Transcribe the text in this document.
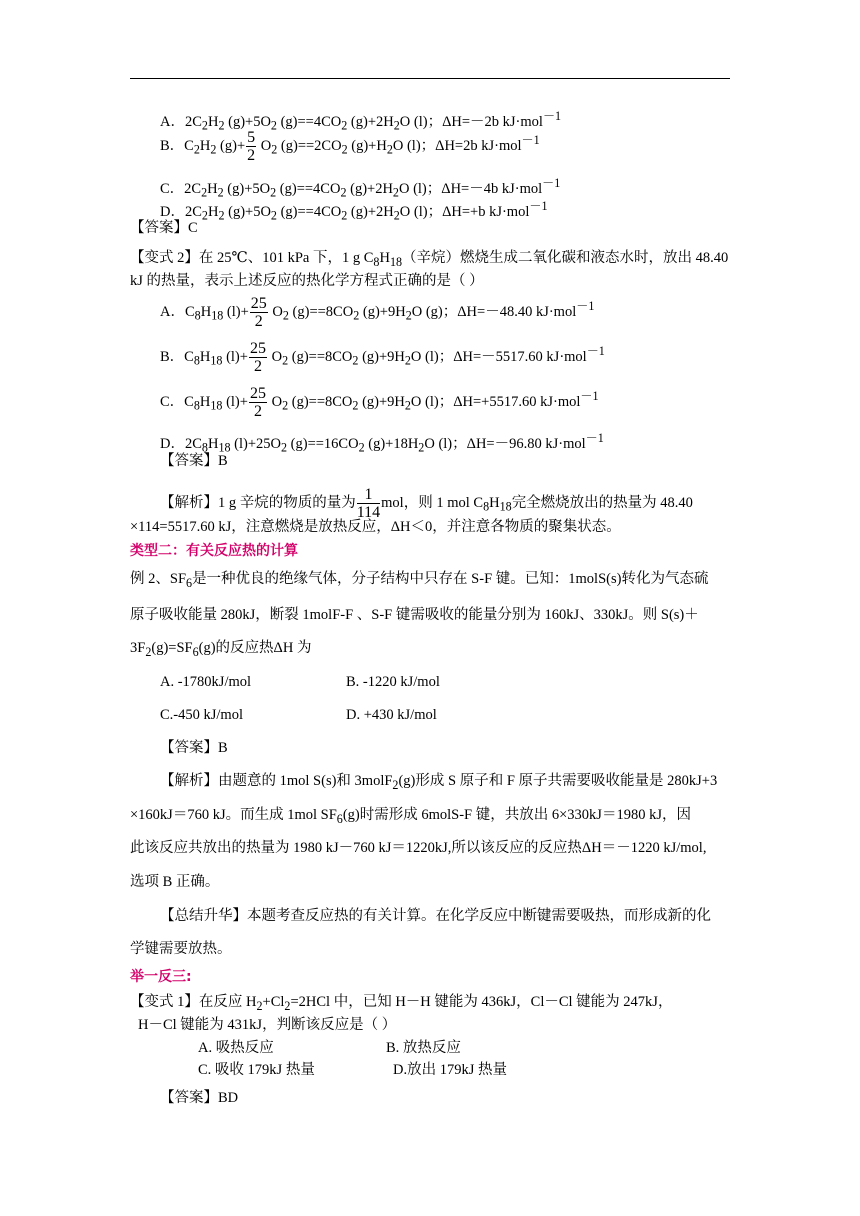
A．$2C_2H_2$ $(g)+5O_2$ $(g)==4CO_2$ $(g)+2H_2O$ (l)；ΔH=－2b kJ·mol$^{-1}$
B．$C_2H_2$ $(g)+ \frac{5}{2} O_2$ $(g)==2CO_2$ $(g)+H_2O$ (l)；ΔH=2b kJ·mol$^{-1}$
C．$2C_2H_2$ $(g)+5O_2$ $(g)==4CO_2$ $(g)+2H_2O$ (l)；ΔH=－4b kJ·mol$^{-1}$
D．$2C_2H_2$ $(g)+5O_2$ $(g)==4CO_2$ $(g)+2H_2O$ (l)；ΔH=+b kJ·mol$^{-1}$
【答案】C
【变式 2】在 25℃、101 kPa 下，1 g $C_8H_{18}$（辛烷）燃烧生成二氧化碳和液态水时，放出 48.40
kJ 的热量，表示上述反应的热化学方程式正确的是（ ）
A．$C_8H_{18}$ $(l)+ \frac{25}{2} O_2$ $(g)==8CO_2$ $(g)+9H_2O$ (g)；ΔH=－48.40 kJ·mol$^{-1}$
B．$C_8H_{18}$ $(l)+ \frac{25}{2} O_2$ $(g)==8CO_2$ $(g)+9H_2O$ (l)；ΔH=－5517.60 kJ·mol$^{-1}$
C．$C_8H_{18}$ $(l)+ \frac{25}{2} O_2$ $(g)==8CO_2$ $(g)+9H_2O$ (l)；ΔH=+5517.60 kJ·mol$^{-1}$
D．$2C_8H_{18}$ $(l)+25O_2$ $(g)==16CO_2$ $(g)+18H_2O$ (l)；ΔH=－96.80 kJ·mol$^{-1}$
【答案】B
【解析】1 g 辛烷的物质的量为 $\frac{1}{114}$ mol，则 1 mol $C_8H_{18}$完全燃烧放出的热量为 48.40
×114=5517.60 kJ，注意燃烧是放热反应，ΔH＜0，并注意各物质的聚集状态。
类型二：有关反应热的计算
例 2、$SF_6$是一种优良的绝缘气体，分子结构中只存在 S-F 键。已知：1molS(s)转化为气态硫
原子吸收能量 280kJ，断裂 1molF-F 、S-F 键需吸收的能量分别为 160kJ、330kJ。则 S(s)＋
$3F_2(g)=SF_6(g)$的反应热ΔH 为
A. -1780kJ/mol	B. -1220 kJ/mol
C.-450 kJ/mol	D. +430 kJ/mol
【答案】B
【解析】由题意的 1mol S(s)和 3molF$_2$(g)形成 S 原子和 F 原子共需要吸收能量是 280kJ+3
×160kJ＝760 kJ。而生成 1mol $SF_6(g)$时需形成 6molS-F 键，共放出 6×330kJ＝1980 kJ，因
此该反应共放出的热量为 1980 kJ－760 kJ＝1220kJ,所以该反应的反应热ΔH＝－1220 kJ/mol,
选项 B 正确。
【总结升华】本题考查反应热的有关计算。在化学反应中断键需要吸热，而形成新的化
学键需要放热。
举一反三:
【变式 1】在反应 $H_2+Cl_2=2HCl$ 中，已知 H－H 键能为 436kJ，Cl－Cl 键能为 247kJ，
H－Cl 键能为 431kJ，判断该反应是（ ）
A. 吸热反应	B. 放热反应
C. 吸收 179kJ 热量	D.放出 179kJ 热量
【答案】BD
